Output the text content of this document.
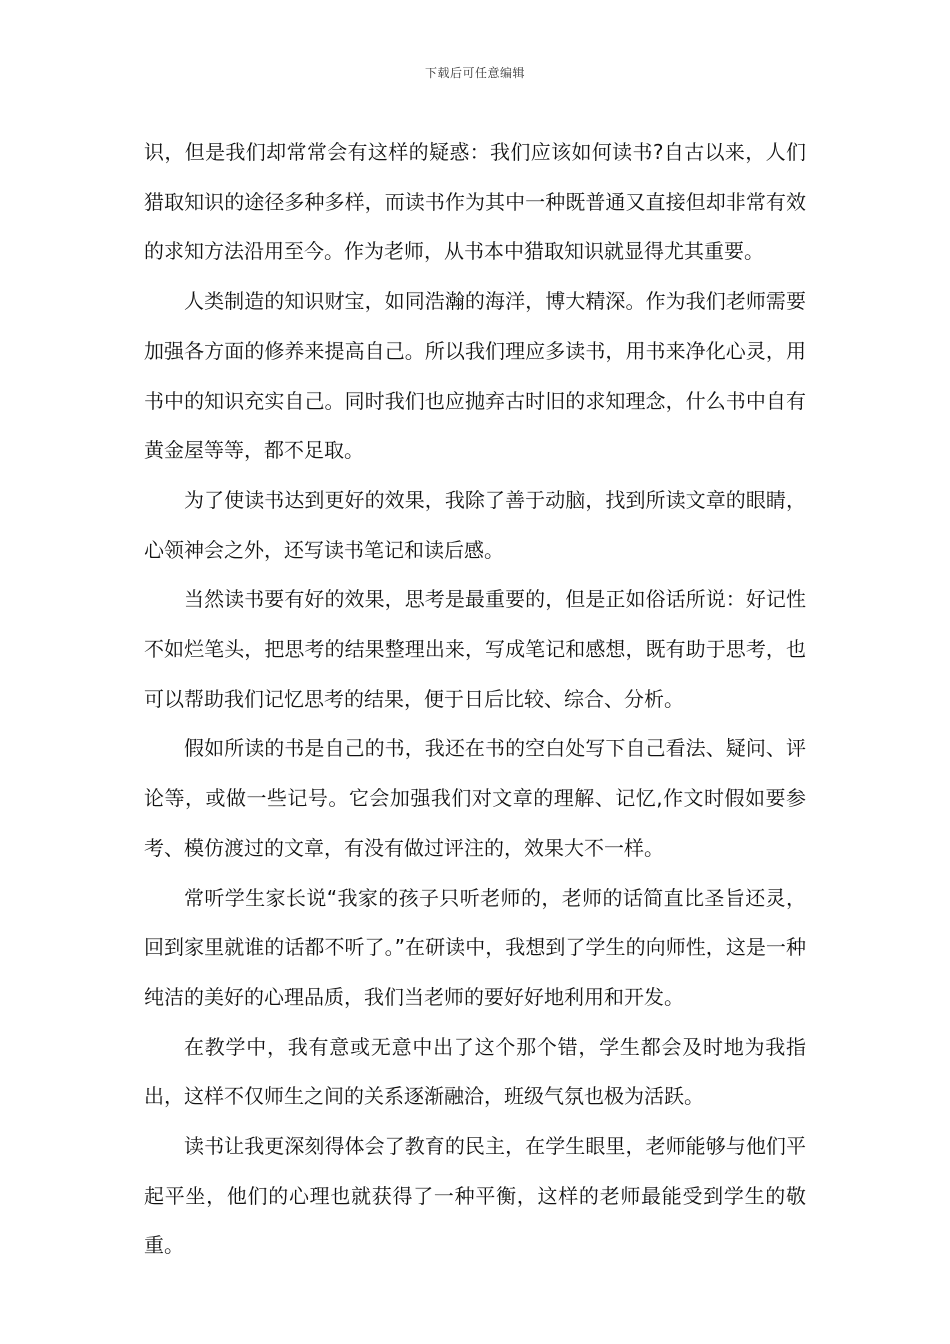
下载后可任意编辑

识，但是我们却常常会有这样的疑惑：我们应该如何读书?自古以来，人们猎取知识的途径多种多样，而读书作为其中一种既普通又直接但却非常有效的求知方法沿用至今。作为老师，从书本中猎取知识就显得尤其重要。

人类制造的知识财宝，如同浩瀚的海洋，博大精深。作为我们老师需要加强各方面的修养来提高自己。所以我们理应多读书，用书来净化心灵，用书中的知识充实自己。同时我们也应抛弃古时旧的求知理念，什么书中自有黄金屋等等，都不足取。

为了使读书达到更好的效果，我除了善于动脑，找到所读文章的眼睛，心领神会之外，还写读书笔记和读后感。

当然读书要有好的效果，思考是最重要的，但是正如俗话所说：好记性不如烂笔头，把思考的结果整理出来，写成笔记和感想，既有助于思考，也可以帮助我们记忆思考的结果，便于日后比较、综合、分析。

假如所读的书是自己的书，我还在书的空白处写下自己看法、疑问、评论等，或做一些记号。它会加强我们对文章的理解、记忆,作文时假如要参考、模仿渡过的文章，有没有做过评注的，效果大不一样。

常听学生家长说“我家的孩子只听老师的，老师的话简直比圣旨还灵，回到家里就谁的话都不听了。”在研读中，我想到了学生的向师性，这是一种纯洁的美好的心理品质，我们当老师的要好好地利用和开发。

在教学中，我有意或无意中出了这个那个错，学生都会及时地为我指出，这样不仅师生之间的关系逐渐融洽，班级气氛也极为活跃。

读书让我更深刻得体会了教育的民主，在学生眼里，老师能够与他们平起平坐，他们的心理也就获得了一种平衡，这样的老师最能受到学生的敬重。
